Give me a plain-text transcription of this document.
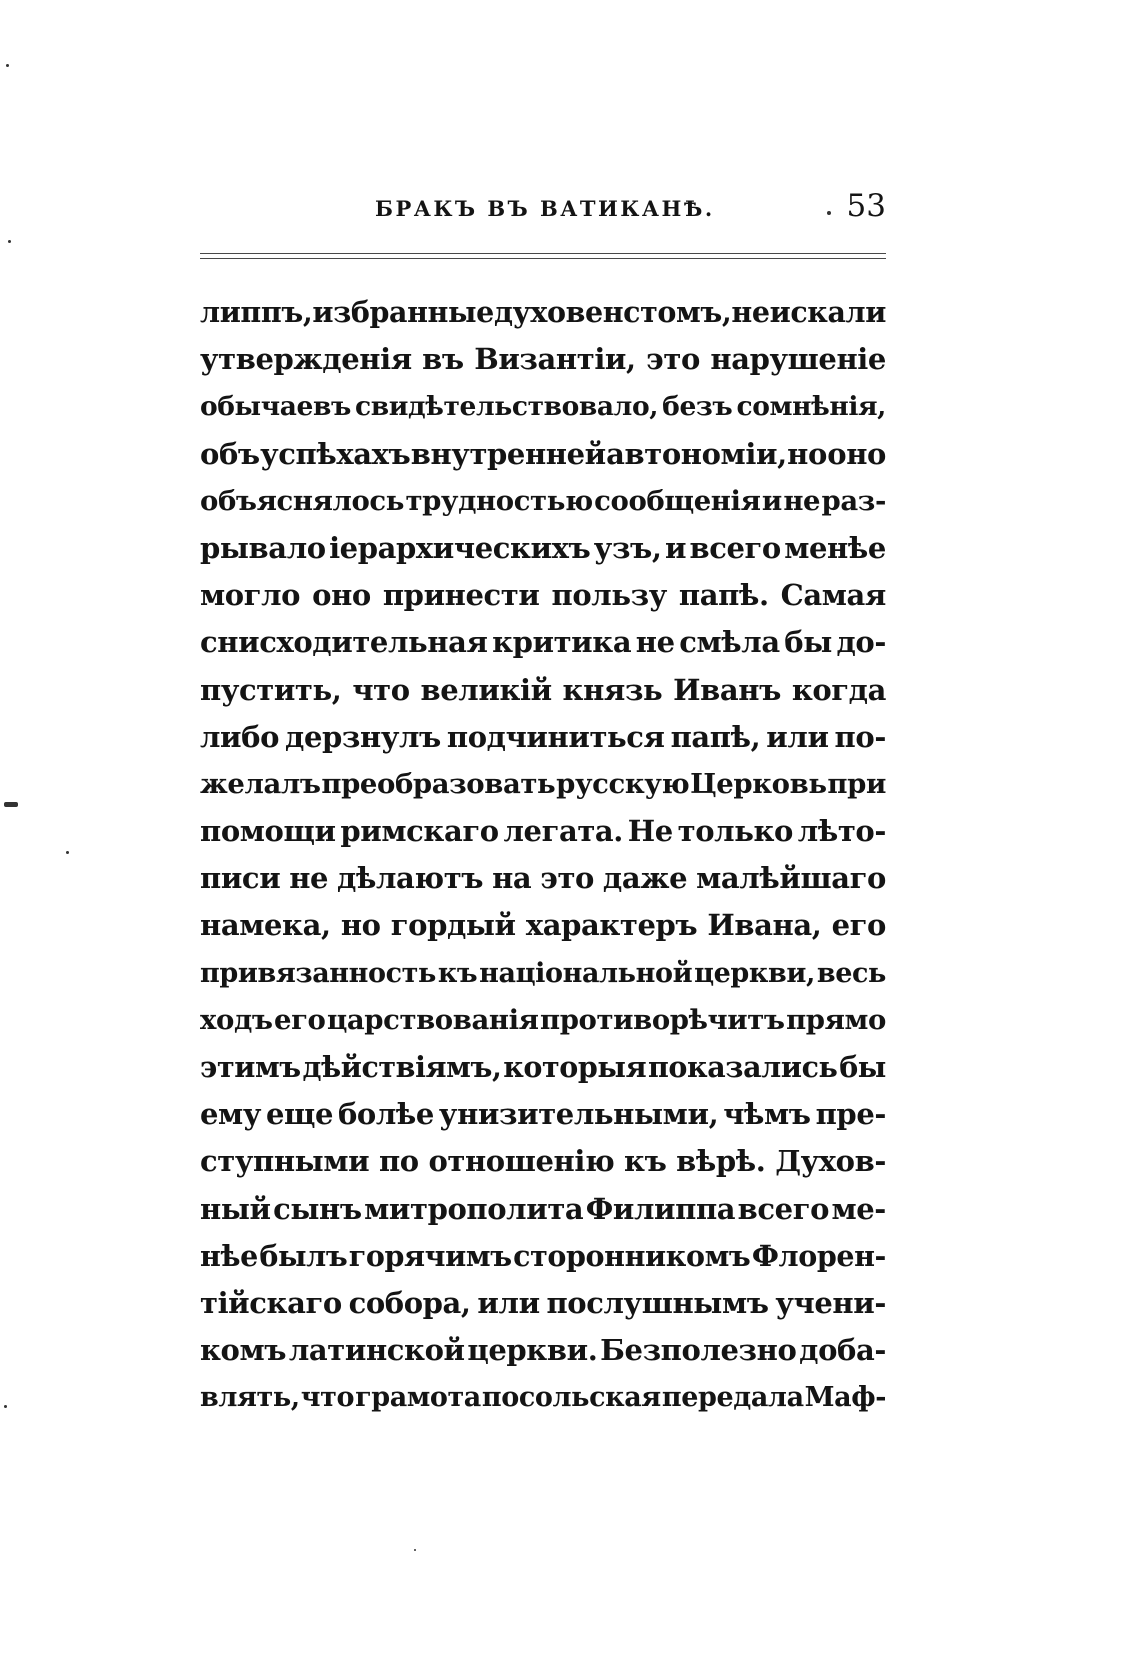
БРАКЪ ВЪ ВАТИКАНѢ.	53
липпъ, избранные духовенстомъ, не искали
утвержденія въ Византіи, это нарушеніе
обычаевъ свидѣтельствовало, безъ сомнѣнія,
объ успѣхахъ внутренней автономіи, но оно
объяснялось трудностью сообщенія и не раз-
рывало іерархическихъ узъ, и всего менѣе
могло оно принести пользу папѣ. Самая
снисходительная критика не смѣла бы до-
пустить, что великій князь Иванъ когда
либо дерзнулъ подчиниться папѣ, или по-
желалъ преобразовать русскую Церковь при
помощи римскаго легата. Не только лѣто-
писи не дѣлаютъ на это даже малѣйшаго
намека, но гордый характеръ Ивана, его
привязанность къ національной церкви, весь
ходъ его царствованія противорѣчитъ прямо
этимъ дѣйствіямъ, которыя показались бы
ему еще болѣе унизительными, чѣмъ пре-
ступными по отношенію къ вѣрѣ. Духов-
ный сынъ митрополита Филиппа всего ме-
нѣе былъ горячимъ сторонникомъ Флорен-
тійскаго собора, или послушнымъ учени-
комъ латинской церкви. Безполезно доба-
влять, что грамота посольская передала Маф-
